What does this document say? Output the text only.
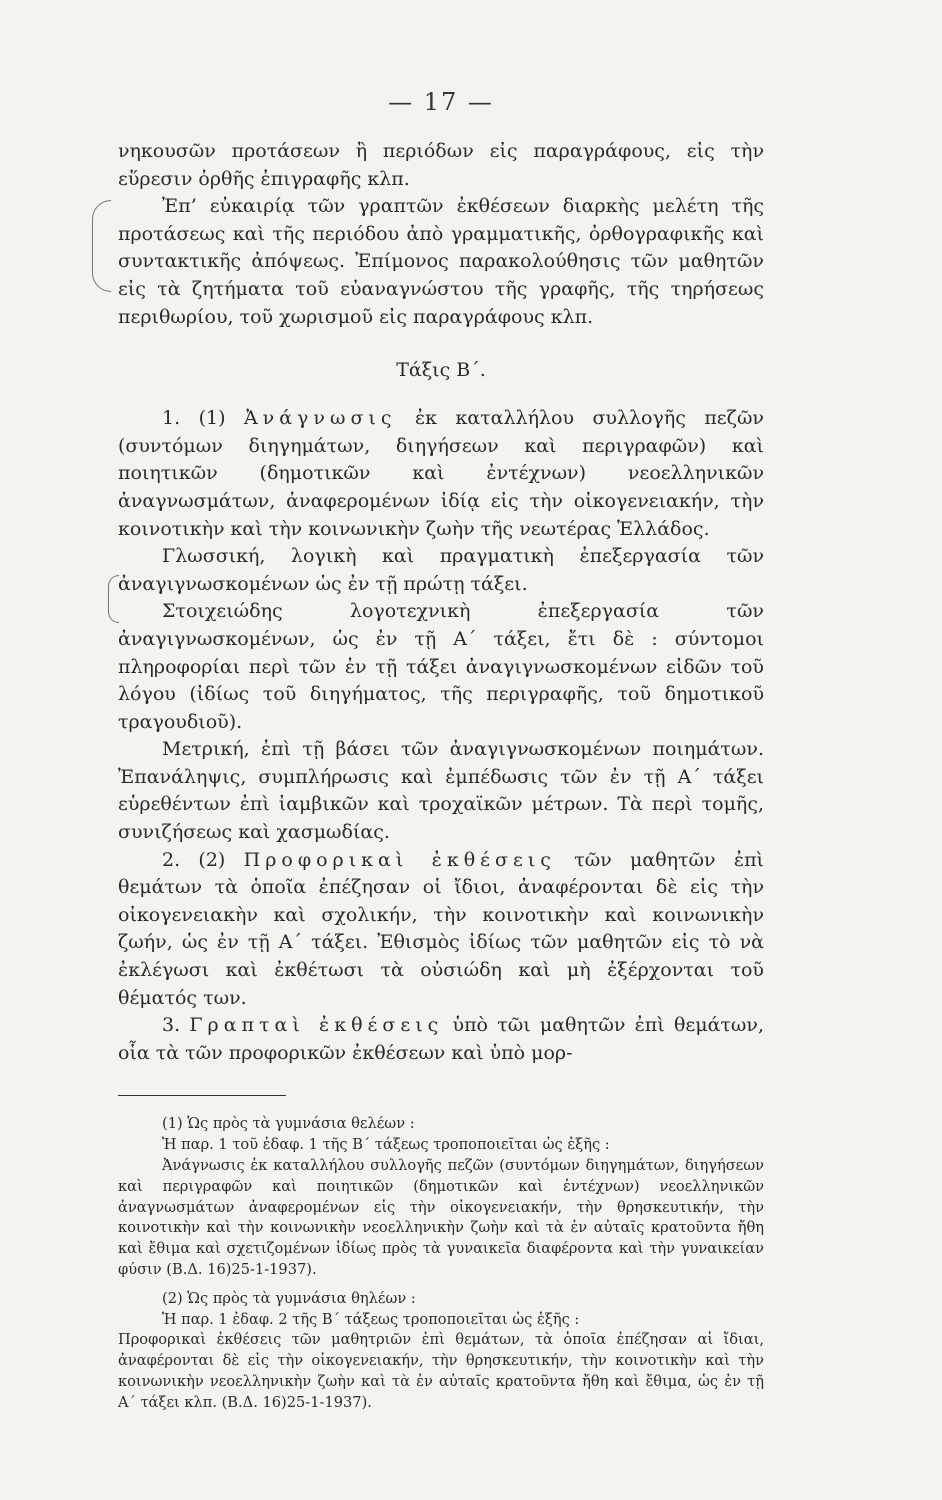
— 17 —

νηκουσῶν προτάσεων ἢ περιόδων εἰς παραγράφους, εἰς τὴν εὕρεσιν ὀρθῆς ἐπιγραφῆς κλπ.

Ἐπ’ εὐκαιρίᾳ τῶν γραπτῶν ἐκθέσεων διαρκὴς μελέτη τῆς προτάσεως καὶ τῆς περιόδου ἀπὸ γραμματικῆς, ὀρθογραφικῆς καὶ συντακτικῆς ἀπόψεως. Ἐπίμονος παρακολούθησις τῶν μαθητῶν εἰς τὰ ζητήματα τοῦ εὐαναγνώστου τῆς γραφῆς, τῆς τηρήσεως περιθωρίου, τοῦ χωρισμοῦ εἰς παραγράφους κλπ.

Τάξις Β΄.

1. (1) Ἀνάγνωσις ἐκ καταλλήλου συλλογῆς πεζῶν (συντόμων διηγημάτων, διηγήσεων καὶ περιγραφῶν) καὶ ποιητικῶν (δημοτικῶν καὶ ἐντέχνων) νεοελληνικῶν ἀναγνωσμάτων, ἀναφερομένων ἰδίᾳ εἰς τὴν οἰκογενειακήν, τὴν κοινοτικὴν καὶ τὴν κοινωνικὴν ζωὴν τῆς νεωτέρας Ἑλλάδος.

Γλωσσική, λογικὴ καὶ πραγματικὴ ἐπεξεργασία τῶν ἀναγιγνωσκομένων ὡς ἐν τῇ πρώτῃ τάξει.

Στοιχειώδης λογοτεχνικὴ ἐπεξεργασία τῶν ἀναγιγνωσκομένων, ὡς ἐν τῇ Α΄ τάξει, ἔτι δὲ : σύντομοι πληροφορίαι περὶ τῶν ἐν τῇ τάξει ἀναγιγνωσκομένων εἰδῶν τοῦ λόγου (ἰδίως τοῦ διηγήματος, τῆς περιγραφῆς, τοῦ δημοτικοῦ τραγουδιοῦ).

Μετρική, ἐπὶ τῇ βάσει τῶν ἀναγιγνωσκομένων ποιημάτων. Ἐπανάληψις, συμπλήρωσις καὶ ἐμπέδωσις τῶν ἐν τῇ Α΄ τάξει εὑρεθέντων ἐπὶ ἰαμβικῶν καὶ τροχαϊκῶν μέτρων. Τὰ περὶ τομῆς, συνιζήσεως καὶ χασμωδίας.

2. (2) Προφορικαὶ ἐκθέσεις τῶν μαθητῶν ἐπὶ θεμάτων τὰ ὁποῖα ἐπέζησαν οἱ ἴδιοι, ἀναφέρονται δὲ εἰς τὴν οἰκογενειακὴν καὶ σχολικήν, τὴν κοινοτικὴν καὶ κοινωνικὴν ζωήν, ὡς ἐν τῇ Α΄ τάξει. Ἐθισμὸς ἰδίως τῶν μαθητῶν εἰς τὸ νὰ ἐκλέγωσι καὶ ἐκθέτωσι τὰ οὐσιώδη καὶ μὴ ἐξέρχονται τοῦ θέματός των.

3. Γραπταὶ ἐκθέσεις ὑπὸ τῶι μαθητῶν ἐπὶ θεμάτων, οἷα τὰ τῶν προφορικῶν ἐκθέσεων καὶ ὑπὸ μορ-

(1) Ὡς πρὸς τὰ γυμνάσια θελέων :

Ἡ παρ. 1 τοῦ ἐδαφ. 1 τῆς Β΄ τάξεως τροποποιεῖται ὡς ἑξῆς :

Ἀνάγνωσις ἐκ καταλλήλου συλλογῆς πεζῶν (συντόμων διηγημάτων, διηγήσεων καὶ περιγραφῶν καὶ ποιητικῶν (δημοτικῶν καὶ ἐντέχνων) νεοελληνικῶν ἀναγνωσμάτων ἀναφερομένων εἰς τὴν οἰκογενειακήν, τὴν θρησκευτικήν, τὴν κοινοτικὴν καὶ τὴν κοινωνικὴν νεοελληνικὴν ζωὴν καὶ τὰ ἐν αὐταῖς κρατοῦντα ἤθη καὶ ἔθιμα καὶ σχετιζομένων ἰδίως πρὸς τὰ γυναικεῖα διαφέροντα καὶ τὴν γυναικείαν φύσιν (Β.Δ. 16)25-1-1937).

(2) Ὡς πρὸς τὰ γυμνάσια θηλέων :

Ἡ παρ. 1 ἐδαφ. 2 τῆς Β΄ τάξεως τροποποιεῖται ὡς ἑξῆς :

Προφορικαὶ ἐκθέσεις τῶν μαθητριῶν ἐπὶ θεμάτων, τὰ ὁποῖα ἐπέζησαν αἱ ἴδιαι, ἀναφέρονται δὲ εἰς τὴν οἰκογενειακήν, τὴν θρησκευτικήν, τὴν κοινοτικὴν καὶ τὴν κοινωνικὴν νεοελληνικὴν ζωὴν καὶ τὰ ἐν αὐταῖς κρατοῦντα ἤθη καὶ ἔθιμα, ὡς ἐν τῇ Α΄ τάξει κλπ. (Β.Δ. 16)25-1-1937).
